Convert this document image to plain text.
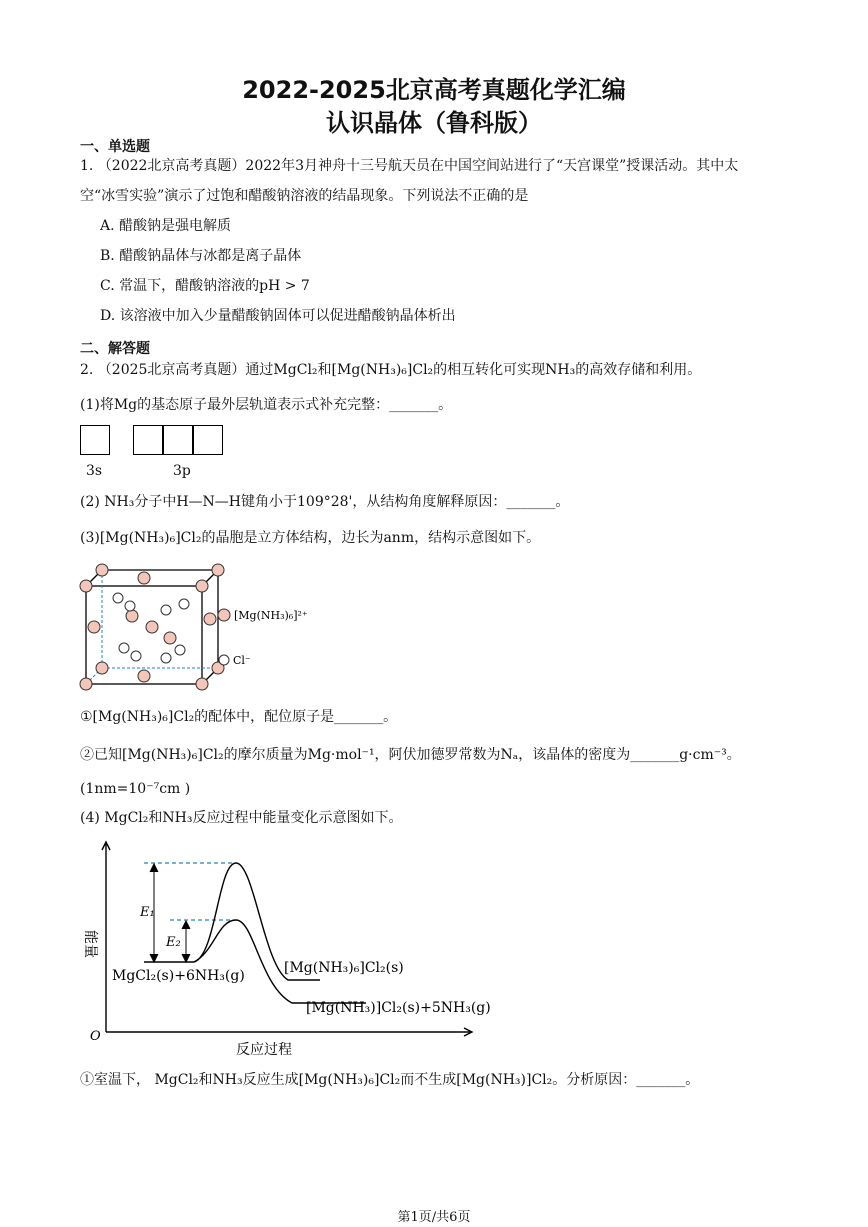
2022-2025北京高考真题化学汇编
认识晶体（鲁科版）
一、单选题
1. （2022北京高考真题）2022年3月神舟十三号航天员在中国空间站进行了“天宫课堂”授课活动。其中太
空“冰雪实验”演示了过饱和醋酸钠溶液的结晶现象。下列说法不正确的是
A. 醋酸钠是强电解质
B. 醋酸钠晶体与冰都是离子晶体
C. 常温下，醋酸钠溶液的pH > 7
D. 该溶液中加入少量醋酸钠固体可以促进醋酸钠晶体析出
二、解答题
2. （2025北京高考真题）通过MgCl₂和[Mg(NH₃)₆]Cl₂的相互转化可实现NH₃的高效存储和利用。
(1)将Mg的基态原子最外层轨道表示式补充完整：_______。
3s	3p
(2) NH₃分子中H—N—H键角小于109°28'，从结构角度解释原因：_______。
(3)[Mg(NH₃)₆]Cl₂的晶胞是立方体结构，边长为anm，结构示意图如下。
[Mg(NH₃)₆]²⁺
Cl⁻
①[Mg(NH₃)₆]Cl₂的配体中，配位原子是_______。
②已知[Mg(NH₃)₆]Cl₂的摩尔质量为Mg·mol⁻¹，阿伏加德罗常数为Nₐ，该晶体的密度为_______g·cm⁻³。
(1nm=10⁻⁷cm )
(4) MgCl₂和NH₃反应过程中能量变化示意图如下。
E₁
E₂
能量
O
反应过程
MgCl₂(s)+6NH₃(g)	[Mg(NH₃)₆]Cl₂(s)
[Mg(NH₃)]Cl₂(s)+5NH₃(g)
①室温下， MgCl₂和NH₃反应生成[Mg(NH₃)₆]Cl₂而不生成[Mg(NH₃)]Cl₂。分析原因：_______。
第1页/共6页
